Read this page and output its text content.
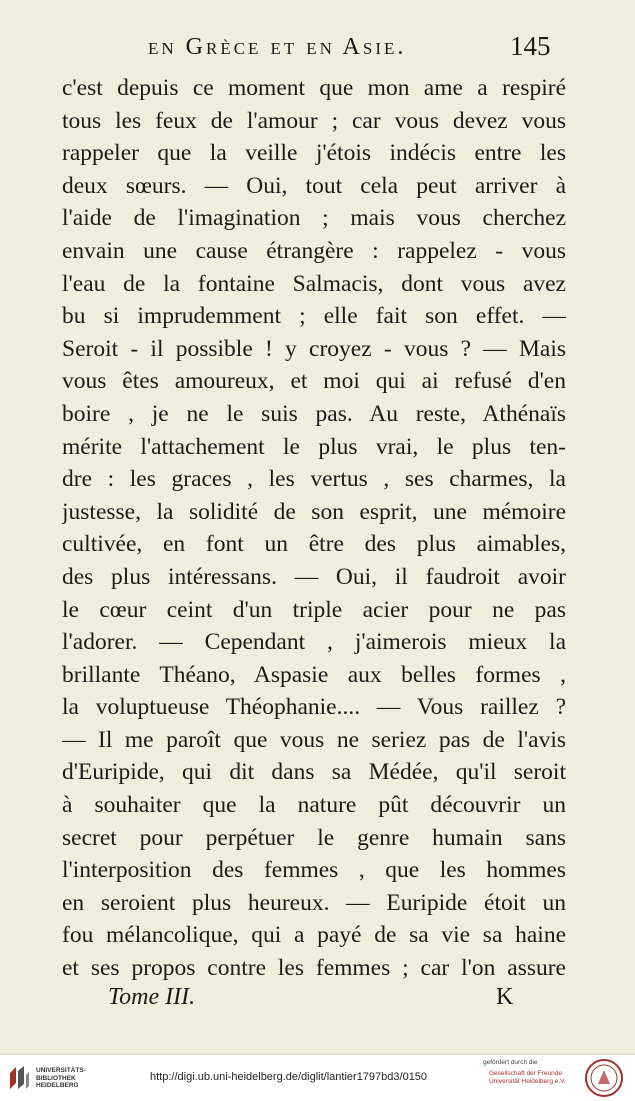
en Grèce et en Asie.	145
c'est depuis ce moment que mon ame a respiré
tous les feux de l'amour ; car vous devez vous
rappeler que la veille j'étois indécis entre les
deux sœurs. — Oui, tout cela peut arriver à
l'aide de l'imagination ; mais vous cherchez
envain une cause étrangère : rappelez - vous
l'eau de la fontaine Salmacis, dont vous avez
bu si imprudemment ; elle fait son effet. —
Seroit - il possible ! y croyez - vous ? — Mais
vous êtes amoureux, et moi qui ai refusé d'en
boire , je ne le suis pas. Au reste, Athénaïs
mérite l'attachement le plus vrai, le plus ten-
dre : les graces , les vertus , ses charmes, la
justesse, la solidité de son esprit, une mémoire
cultivée, en font un être des plus aimables,
des plus intéressans. — Oui, il faudroit avoir
le cœur ceint d'un triple acier pour ne pas
l'adorer. — Cependant , j'aimerois mieux la
brillante Théano, Aspasie aux belles formes ,
la voluptueuse Théophanie.... — Vous raillez ?
— Il me paroît que vous ne seriez pas de l'avis
d'Euripide, qui dit dans sa Médée, qu'il seroit
à souhaiter que la nature pût découvrir un
secret pour perpétuer le genre humain sans
l'interposition des femmes , que les hommes
en seroient plus heureux. — Euripide étoit un
fou mélancolique, qui a payé de sa vie sa haine
et ses propos contre les femmes ; car l'on assure
Tome III.	K
UNIVERSITÄTS-
BIBLIOTHEK
HEIDELBERG
http://digi.ub.uni-heidelberg.de/diglit/lantier1797bd3/0150
gefördert durch die
Gesellschaft der Freunde
Universität Heidelberg e.V.
